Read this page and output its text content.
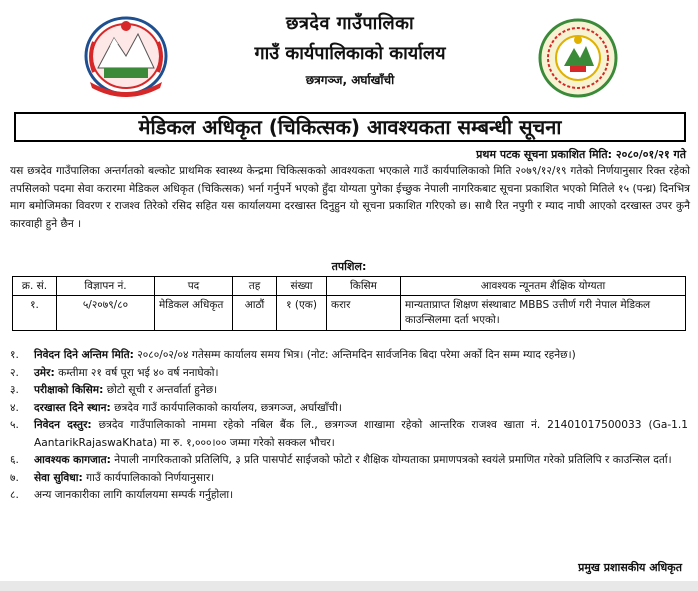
छत्रदेव गाउँपालिका
गाउँ कार्यपालिकाको कार्यालय
छत्रगञ्ज, अर्घाखाँची
मेडिकल अधिकृत (चिकित्सक) आवश्यकता सम्बन्धी सूचना
प्रथम पटक सूचना प्रकाशित मिति: २०८०/०१/२१ गते
यस छत्रदेव गाउँपालिका अन्तर्गतको बल्कोट प्राथमिक स्वास्थ्य केन्द्रमा चिकित्सकको आवश्यकता भएकाले गाउँ कार्यपालिकाको मिति २०७९/१२/१९ गतेको निर्णयानुसार रिक्त रहेको तपसिलको पदमा सेवा करारमा मेडिकल अधिकृत (चिकित्सक) भर्ना गर्नुपर्ने भएको हुँदा योग्यता पुगेका ईच्छुक नेपाली नागरिकबाट सूचना प्रकाशित भएको मितिले १५ (पन्ध्र) दिनभित्र माग बमोजिमका विवरण र राजश्व तिरेको रसिद सहित यस कार्यालयमा दरखास्त दिनुहुन यो सूचना प्रकाशित गरिएको छ। साथै रित नपुगी र म्याद नाघी आएको दरखास्त उपर कुनै कारवाही हुने छैन ।
तपशिल:
क्र. सं.	विज्ञापन नं.	पद	तह	संख्या	किसिम	आवश्यक न्यूनतम शैक्षिक योग्यता
१.	५/२०७९/८०	मेडिकल अधिकृत	आठौं	१ (एक)	करार	मान्यताप्राप्त शिक्षण संस्थाबाट MBBS उत्तीर्ण गरी नेपाल मेडिकल काउन्सिलमा दर्ता भएको।
१.	निवेदन दिने अन्तिम मिति: २०८०/०२/०४ गतेसम्म कार्यालय समय भित्र। (नोट: अन्तिमदिन सार्वजनिक बिदा परेमा अर्को दिन सम्म म्याद रहनेछ।)
२.	उमेर: कम्तीमा २१ वर्ष पूरा भई ४० वर्ष ननाघेको।
३.	परीक्षाको किसिम: छोटो सूची र अन्तर्वार्ता हुनेछ।
४.	दरखास्त दिने स्थान: छत्रदेव गाउँ कार्यपालिकाको कार्यालय, छत्रगञ्ज, अर्घाखाँची।
५.	निवेदन दस्तुर: छत्रदेव गाउँपालिकाको नाममा रहेको नबिल बैंक लि., छत्रगञ्ज शाखामा रहेको आन्तरिक राजश्व खाता नं. 21401017500033 (Ga-1.1 AantarikRajaswaKhata) मा रु. १,०००।०० जम्मा गरेको सक्कल भौचर।
६.	आवश्यक कागजात: नेपाली नागरिकताको प्रतिलिपि, ३ प्रति पासपोर्ट साईजको फोटो र शैक्षिक योग्यताका प्रमाणपत्रको स्वयंले प्रमाणित गरेको प्रतिलिपि र काउन्सिल दर्ता।
७.	सेवा सुविधा: गाउँ कार्यपालिकाको निर्णयानुसार।
८.	अन्य जानकारीका लागि कार्यालयमा सम्पर्क गर्नुहोला।
प्रमुख प्रशासकीय अधिकृत
